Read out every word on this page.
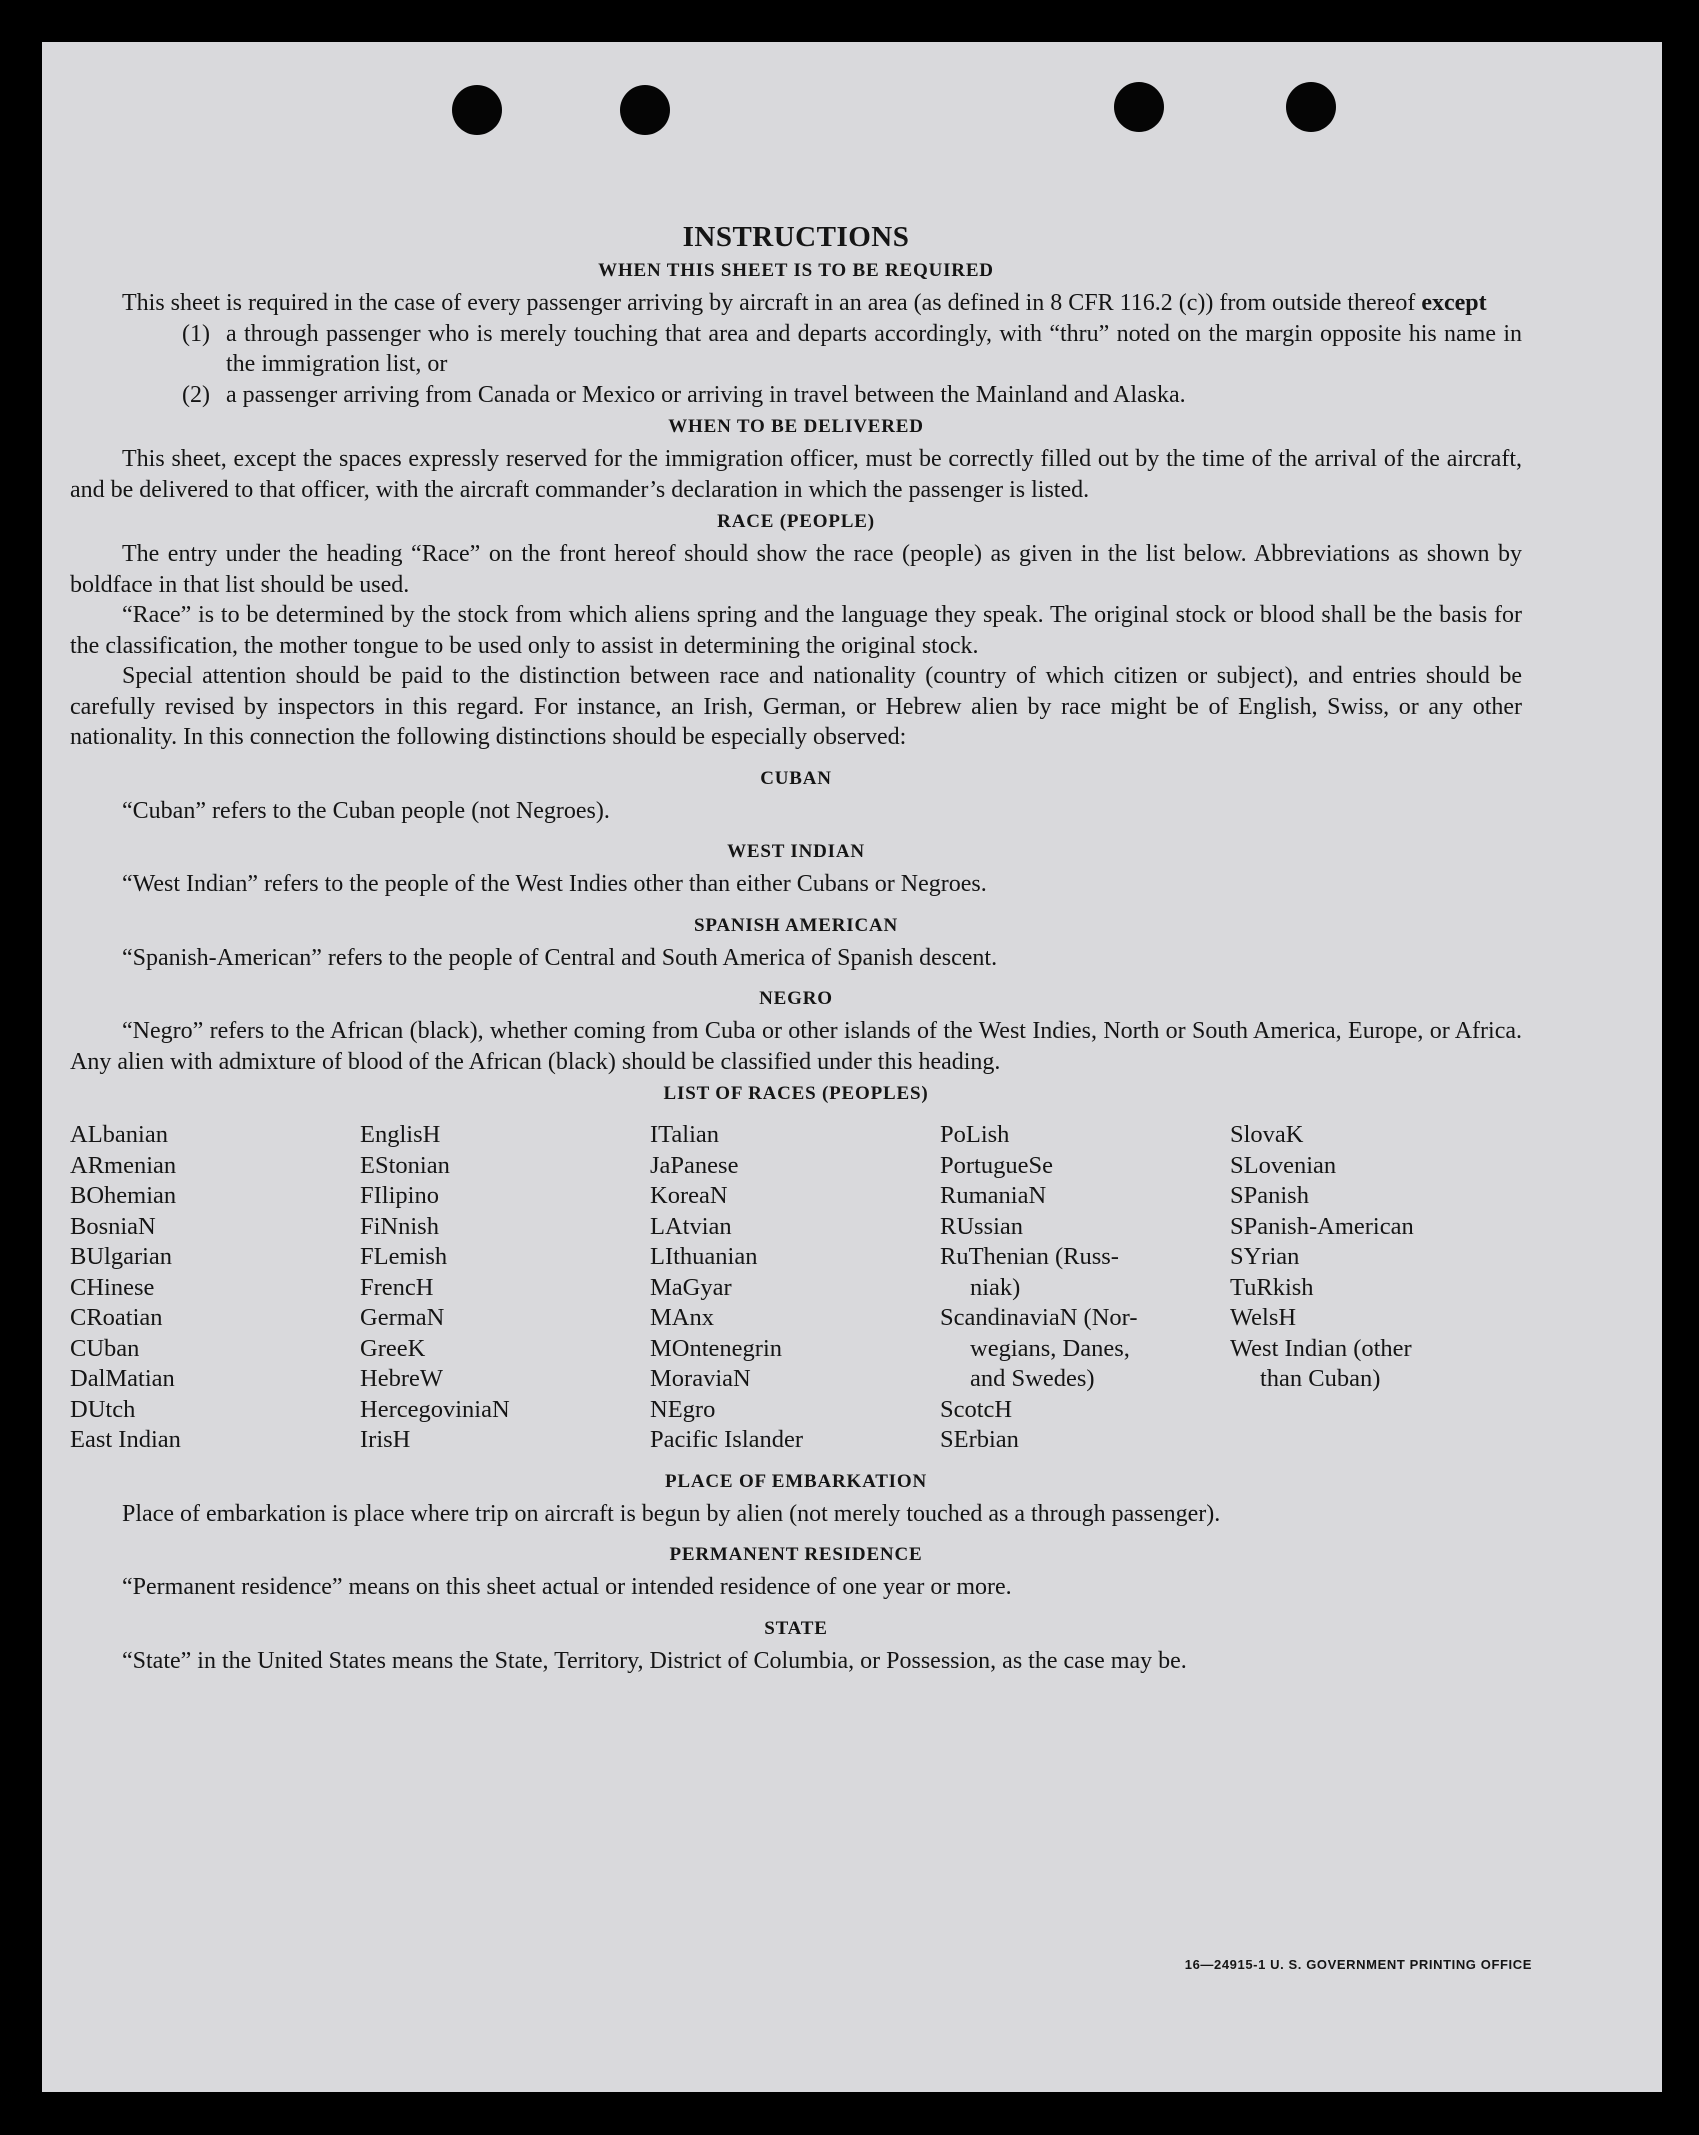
INSTRUCTIONS
WHEN THIS SHEET IS TO BE REQUIRED

This sheet is required in the case of every passenger arriving by aircraft in an area (as defined in 8 CFR 116.2 (c)) from outside thereof except

(1) a through passenger who is merely touching that area and departs accordingly, with “thru” noted on the margin opposite his name in the immigration list, or
(2) a passenger arriving from Canada or Mexico or arriving in travel between the Mainland and Alaska.
WHEN TO BE DELIVERED

This sheet, except the spaces expressly reserved for the immigration officer, must be correctly filled out by the time of the arrival of the aircraft, and be delivered to that officer, with the aircraft commander’s declaration in which the passenger is listed.

RACE (PEOPLE)

The entry under the heading “Race” on the front hereof should show the race (people) as given in the list below. Abbreviations as shown by boldface in that list should be used.

“Race” is to be determined by the stock from which aliens spring and the language they speak. The original stock or blood shall be the basis for the classification, the mother tongue to be used only to assist in determining the original stock.

Special attention should be paid to the distinction between race and nationality (country of which citizen or subject), and entries should be carefully revised by inspectors in this regard. For instance, an Irish, German, or Hebrew alien by race might be of English, Swiss, or any other nationality. In this connection the following distinctions should be especially observed:

CUBAN
“Cuban” refers to the Cuban people (not Negroes).
WEST INDIAN
“West Indian” refers to the people of the West Indies other than either Cubans or Negroes.
SPANISH AMERICAN
“Spanish-American” refers to the people of Central and South America of Spanish descent.
NEGRO

“Negro” refers to the African (black), whether coming from Cuba or other islands of the West Indies, North or South America, Europe, or Africa. Any alien with admixture of blood of the African (black) should be classified under this heading.

LIST OF RACES (PEOPLES)
ALbanian
ARmenian
BOhemian
BosniaN
BUlgarian
CHinese
CRoatian
CUban
DalMatian
DUtch
East Indian
EnglisH
EStonian
FIlipino
FiNnish
FLemish
FrencH
GermaN
GreeK
HebreW
HercegoviniaN
IrisH
ITalian
JaPanese
KoreaN
LAtvian
LIthuanian
MaGyar
MAnx
MOntenegrin
MoraviaN
NEgro
Pacific Islander
PoLish
PortugueSe
RumaniaN
RUssian
RuThenian (Russ-
niak)
ScandinaviaN (Nor-
wegians, Danes,
and Swedes)
ScotcH
SErbian
SlovaK
SLovenian
SPanish
SPanish-American
SYrian
TuRkish
WelsH
West Indian (other
than Cuban)
PLACE OF EMBARKATION

Place of embarkation is place where trip on aircraft is begun by alien (not merely touched as a through passenger).

PERMANENT RESIDENCE
“Permanent residence” means on this sheet actual or intended residence of one year or more.
STATE

“State” in the United States means the State, Territory, District of Columbia, or Possession, as the case may be.

16—24915-1 U. S. GOVERNMENT PRINTING OFFICE
